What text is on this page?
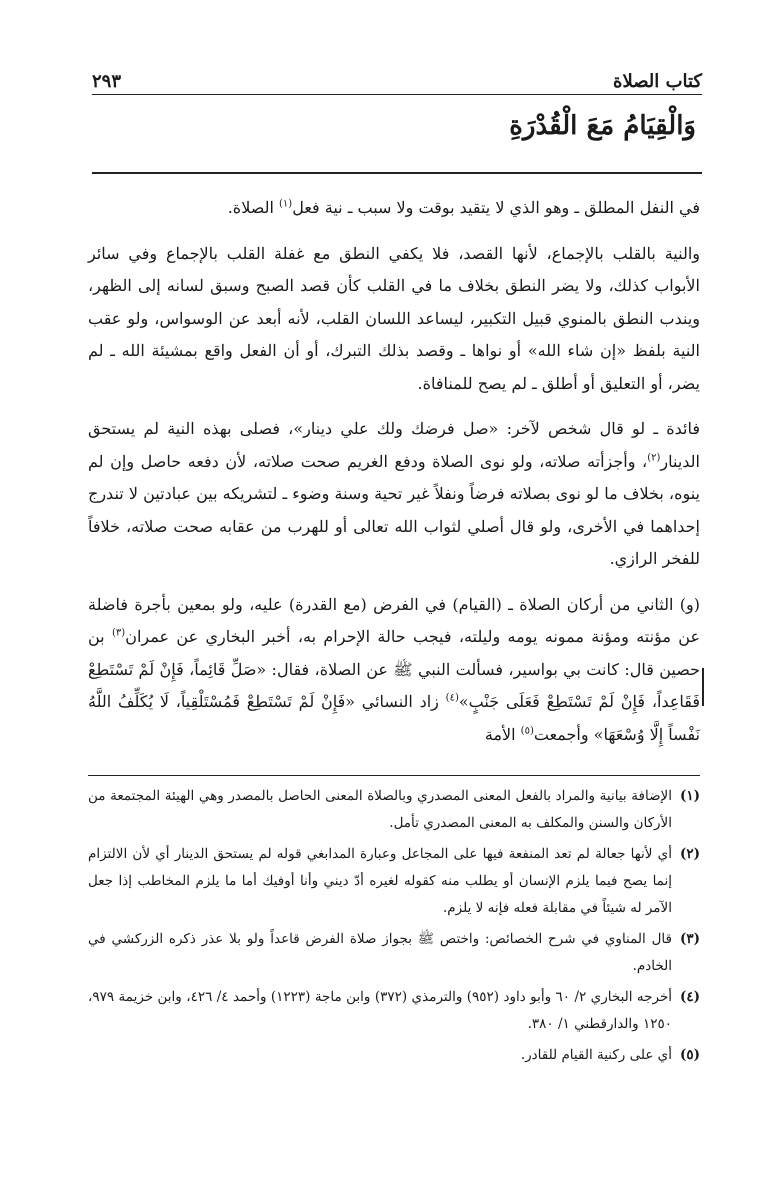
كتاب الصلاة
٢٩٣
وَالْقِيَامُ مَعَ الْقُدْرَةِ

في النفل المطلق ـ وهو الذي لا يتقيد بوقت ولا سبب ـ نية فعل$^{(١)}$ الصلاة.

والنية بالقلب بالإجماع، لأنها القصد، فلا يكفي النطق مع غفلة القلب بالإجماع وفي سائر الأبواب كذلك، ولا يضر النطق بخلاف ما في القلب كأن قصد الصبح وسبق لسانه إلى الظهر، ويندب النطق بالمنوي قبيل التكبير، ليساعد اللسان القلب، لأنه أبعد عن الوسواس، ولو عقب النية بلفظ «إن شاء الله» أو نواها ـ وقصد بذلك التبرك، أو أن الفعل واقع بمشيئة الله ـ لم يضر، أو التعليق أو أطلق ـ لم يصح للمنافاة.

فائدة ـ لو قال شخص لآخر: «صل فرضك ولك علي دينار»، فصلى بهذه النية لم يستحق الدينار$^{(٢)}$، وأجزأته صلاته، ولو نوى الصلاة ودفع الغريم صحت صلاته، لأن دفعه حاصل وإن لم ينوه، بخلاف ما لو نوى بصلاته فرضاً ونفلاً غير تحية وسنة وضوء ـ لتشريكه بين عبادتين لا تندرج إحداهما في الأخرى، ولو قال أصلي لثواب الله تعالى أو للهرب من عقابه صحت صلاته، خلافاً للفخر الرازي.

(و) الثاني من أركان الصلاة ـ (القيام) في الفرض (مع القدرة) عليه، ولو بمعين بأجرة فاضلة عن مؤنته ومؤنة ممونه يومه وليلته، فيجب حالة الإحرام به، أخبر البخاري عن عمران$^{(٣)}$ بن حصين قال: كانت بي بواسير، فسألت النبي ﷺ عن الصلاة، فقال: «صَلِّ قَائِماً، فَإِنْ لَمْ تَسْتَطِعْ فَقَاعِداً، فَإِنْ لَمْ تَسْتَطِعْ فَعَلَى جَنْبٍ»$^{(٤)}$ زاد النسائي «فَإِنْ لَمْ تَسْتَطِعْ فَمُسْتَلْقِياً، لَا يُكَلِّفُ اللَّهُ نَفْساً إِلَّا وُسْعَهَا» وأجمعت$^{(٥)}$ الأمة

(١)
الإضافة بيانية والمراد بالفعل المعنى المصدري وبالصلاة المعنى الحاصل بالمصدر وهي الهيئة المجتمعة من الأركان والسنن والمكلف به المعنى المصدري تأمل.
(٢)
أي لأنها جعالة لم تعد المنفعة فيها على المجاعل وعبارة المدابغي قوله لم يستحق الدينار أي لأن الالتزام إنما يصح فيما يلزم الإنسان أو يطلب منه كقوله لغيره أدّ ديني وأنا أوفيك أما ما يلزم المخاطب إذا جعل الآمر له شيئاً في مقابلة فعله فإنه لا يلزم.
(٣)
قال المناوي في شرح الخصائص: واختص ﷺ بجواز صلاة الفرض قاعداً ولو بلا عذر ذكره الزركشي في الخادم.
(٤)
أخرجه البخاري ٢/ ٦٠ وأبو داود (٩٥٢) والترمذي (٣٧٢) وابن ماجة (١٢٢٣) وأحمد ٤/ ٤٢٦، وابن خزيمة ٩٧٩، ١٢٥٠ والدارقطني ١/ ٣٨٠.
(٥)
أي على ركنية القيام للقادر.
